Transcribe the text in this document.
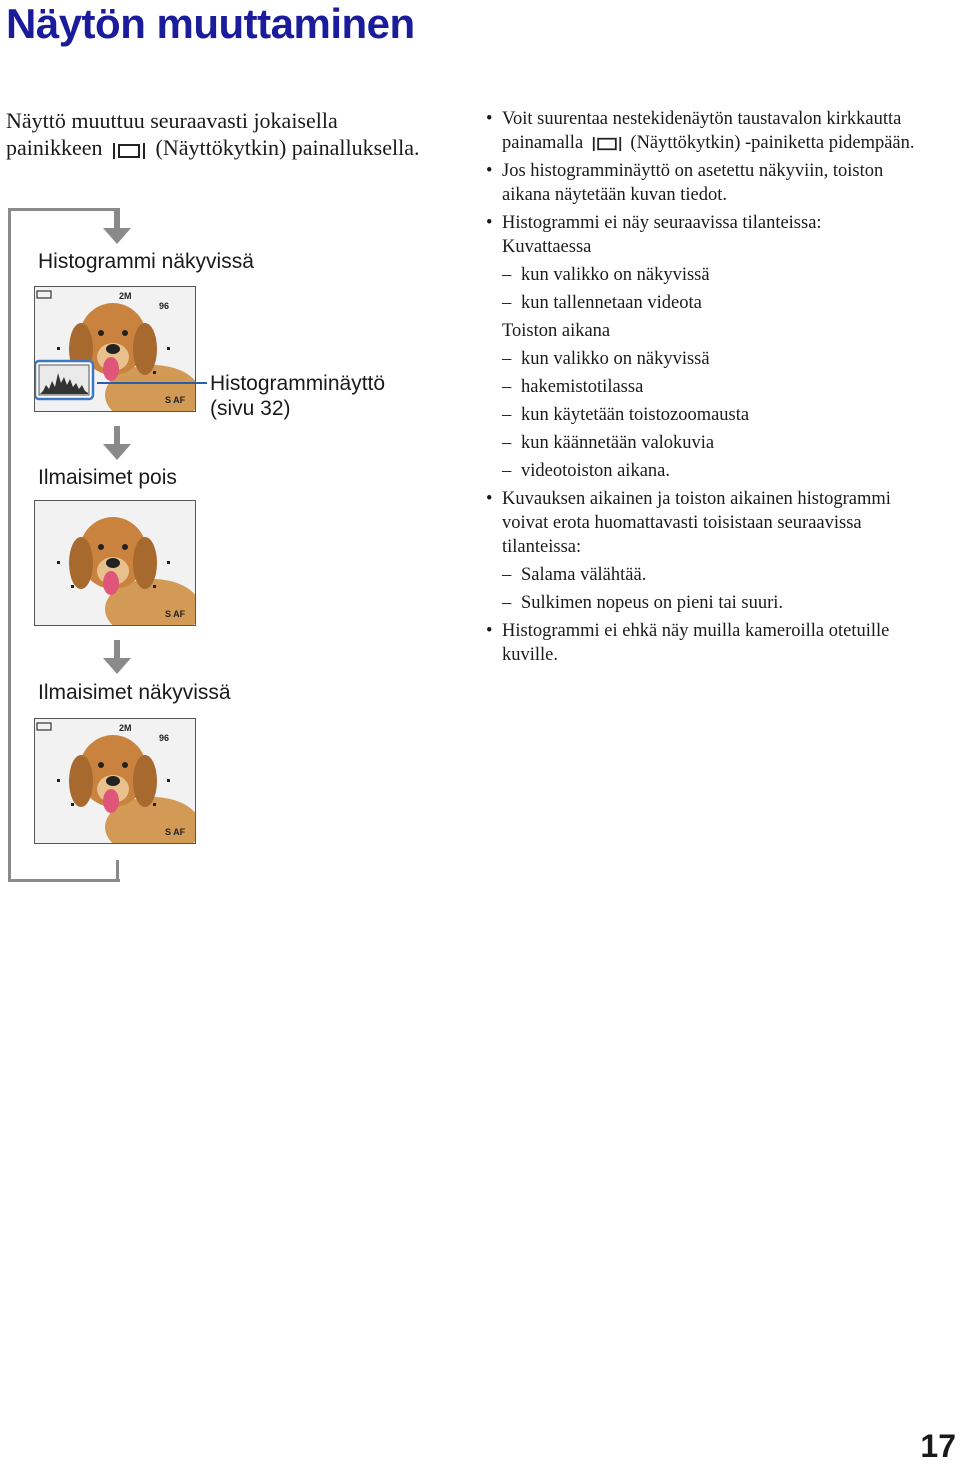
Näytön muuttaminen
Näyttö muuttuu seuraavasti jokaisella painikkeen (Näyttökytkin) painalluksella.
Histogrammi näkyvissä
2M
96
S AF
Histogramminäyttö
(sivu 32)
Ilmaisimet pois
S AF
Ilmaisimet näkyvissä
2M
96
S AF
• Voit suurentaa nestekidenäytön taustavalon kirkkautta painamalla	(Näyttökytkin) -painiketta pidempään.
• Jos histogramminäyttö on asetettu näkyviin, toiston aikana näytetään kuvan tiedot.
• Histogrammi ei näy seuraavissa tilanteissa:
Kuvattaessa
– kun valikko on näkyvissä
– kun tallennetaan videota
Toiston aikana
– kun valikko on näkyvissä
– hakemistotilassa
– kun käytetään toistozoomausta
– kun käännetään valokuvia
– videotoiston aikana.
• Kuvauksen aikainen ja toiston aikainen histogrammi voivat erota huomattavasti toisistaan seuraavissa tilanteissa:
– Salama välähtää.
– Sulkimen nopeus on pieni tai suuri.
• Histogrammi ei ehkä näy muilla kameroilla otetuille kuville.
17
